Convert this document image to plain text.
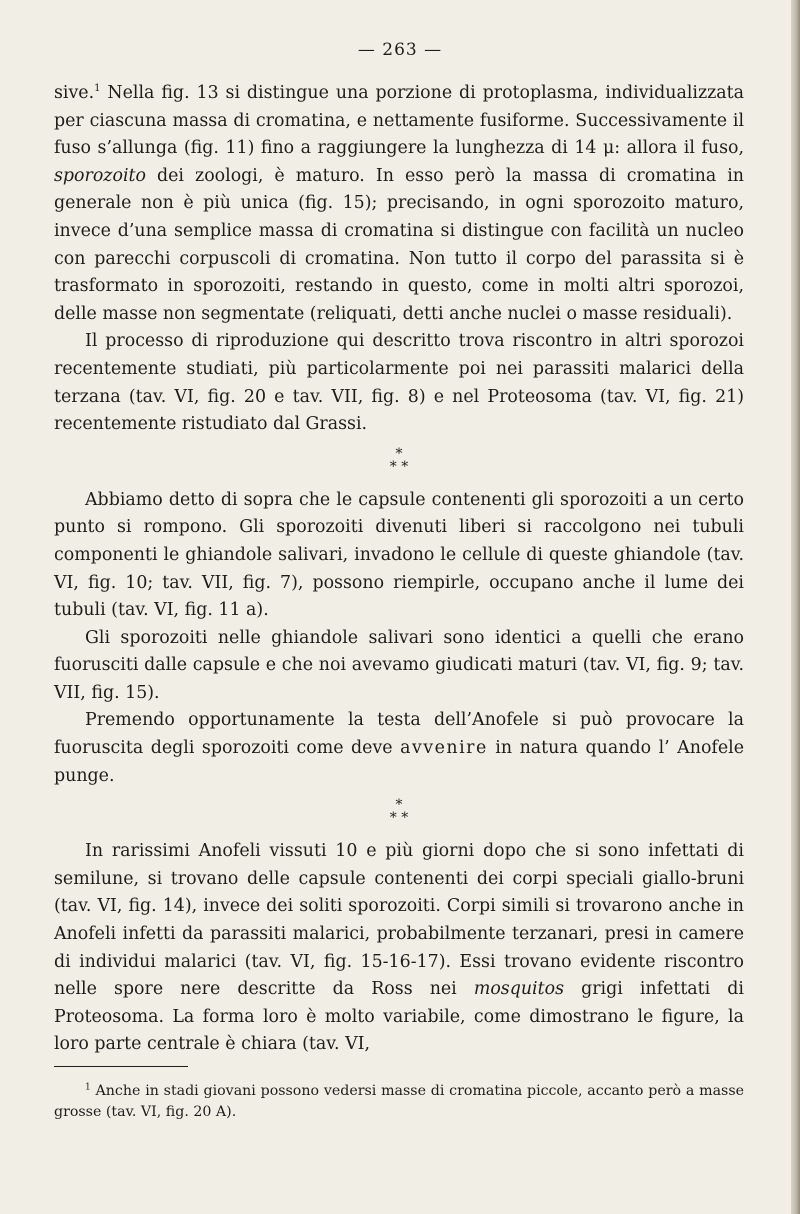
— 263 —

sive.$^1$ Nella fig. 13 si distingue una porzione di protoplasma, individualizzata per ciascuna massa di cromatina, e nettamente fusiforme. Successivamente il fuso s’allunga (fig. 11) fino a raggiungere la lunghezza di 14 μ: allora il fuso, sporozoito dei zoologi, è maturo. In esso però la massa di cromatina in generale non è più unica (fig. 15); precisando, in ogni sporozoito maturo, invece d’una semplice massa di cromatina si distingue con facilità un nucleo con parecchi corpuscoli di cromatina. Non tutto il corpo del parassita si è trasformato in sporozoiti, restando in questo, come in molti altri sporozoi, delle masse non segmentate (reliquati, detti anche nuclei o masse residuali).

Il processo di riproduzione qui descritto trova riscontro in altri sporozoi recentemente studiati, più particolarmente poi nei parassiti malarici della terzana (tav. VI, fig. 20 e tav. VII, fig. 8) e nel Proteosoma (tav. VI, fig. 21) recentemente ristudiato dal Grassi.

*
* *

Abbiamo detto di sopra che le capsule contenenti gli sporozoiti a un certo punto si rompono. Gli sporozoiti divenuti liberi si raccolgono nei tubuli componenti le ghiandole salivari, invadono le cellule di queste ghiandole (tav. VI, fig. 10; tav. VII, fig. 7), possono riempirle, occupano anche il lume dei tubuli (tav. VI, fig. 11 a).

Gli sporozoiti nelle ghiandole salivari sono identici a quelli che erano fuorusciti dalle capsule e che noi avevamo giudicati maturi (tav. VI, fig. 9; tav. VII, fig. 15).

Premendo opportunamente la testa dell’Anofele si può provocare la fuoruscita degli sporozoiti come deve avvenire in natura quando l’ Anofele punge.

*
* *

In rarissimi Anofeli vissuti 10 e più giorni dopo che si sono infettati di semilune, si trovano delle capsule contenenti dei corpi speciali giallo-bruni (tav. VI, fig. 14), invece dei soliti sporozoiti. Corpi simili si trovarono anche in Anofeli infetti da parassiti malarici, probabilmente terzanari, presi in camere di individui malarici (tav. VI, fig. 15-16-17). Essi trovano evidente riscontro nelle spore nere descritte da Ross nei mosquitos grigi infettati di Proteosoma. La forma loro è molto variabile, come dimostrano le figure, la loro parte centrale è chiara (tav. VI,

$^1$ Anche in stadi giovani possono vedersi masse di cromatina piccole, accanto però a masse grosse (tav. VI, fig. 20 A).
